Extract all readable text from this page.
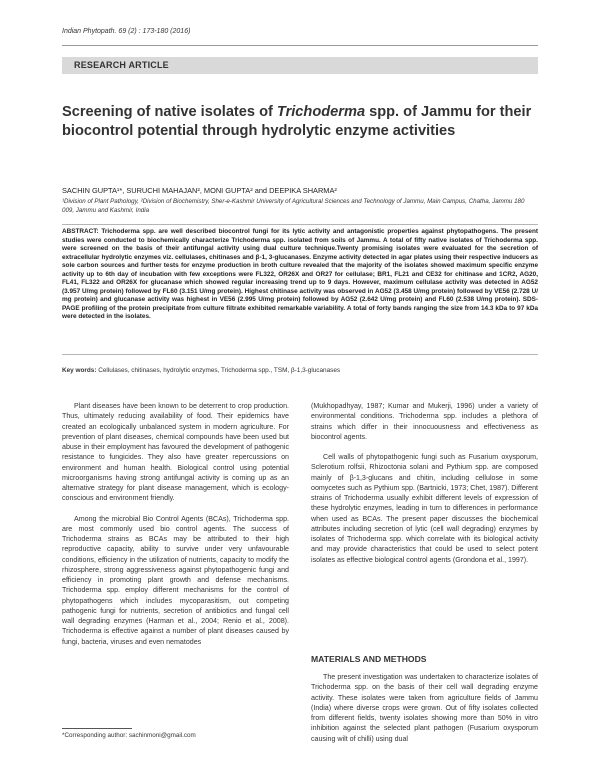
Indian Phytopath. 69 (2) : 173-180 (2016)
RESEARCH ARTICLE
Screening of native isolates of Trichoderma spp. of Jammu for their biocontrol potential through hydrolytic enzyme activities
SACHIN GUPTA¹*, SURUCHI MAHAJAN², MONI GUPTA² and DEEPIKA SHARMA²
¹Division of Plant Pathology, ²Division of Biochemistry, Sher-e-Kashmir University of Agricultural Sciences and Technology of Jammu, Main Campus, Chatha, Jammu 180 009, Jammu and Kashmir, India
ABSTRACT: Trichoderma spp. are well described biocontrol fungi for its lytic activity and antagonistic properties against phytopathogens. The present studies were conducted to biochemically characterize Trichoderma spp. isolated from soils of Jammu. A total of fifty native isolates of Trichoderma spp. were screened on the basis of their antifungal activity using dual culture technique.Twenty promising isolates were evaluated for the secretion of extracellular hydrolytic enzymes viz. cellulases, chitinases and β-1, 3-glucanases. Enzyme activity detected in agar plates using their respective inducers as sole carbon sources and further tests for enzyme production in broth culture revealed that the majority of the isolates showed maximum specific enzyme activity up to 6th day of incubation with few exceptions were FL322, OR26X and OR27 for cellulase; BR1, FL21 and CE32 for chitinase and 1CR2, AG20, FL41, FL322 and OR26X for glucanase which showed regular increasing trend up to 9 days. However, maximum cellulase activity was detected in AG52 (3.957 U/mg protein) followed by FL60 (3.151 U/mg protein). Highest chitinase activity was observed in AG52 (3.458 U/mg protein) followed by VE56 (2.728 U/ mg protein) and glucanase activity was highest in VE56 (2.995 U/mg protein) followed by AG52 (2.642 U/mg protein) and FL60 (2.538 U/mg protein). SDS-PAGE profiling of the protein precipitate from culture filtrate exhibited remarkable variability. A total of forty bands ranging the size from 14.3 kDa to 97 kDa were detected in the isolates.
Key words: Cellulases, chitinases, hydrolytic enzymes, Trichoderma spp., TSM, β-1,3-glucanases

Plant diseases have been known to be deterrent to crop production. Thus, ultimately reducing availability of food. Their epidemics have created an ecologically unbalanced system in modern agriculture. For prevention of plant diseases, chemical compounds have been used but abuse in their employment has favoured the development of pathogenic resistance to fungicides. They also have greater repercussions on environment and human health. Biological control using potential microorganisms having strong antifungal activity is coming up as an alternative strategy for plant disease management, which is ecology-conscious and environment friendly.

Among the microbial Bio Control Agents (BCAs), Trichoderma spp. are most commonly used bio control agents. The success of Trichoderma strains as BCAs may be attributed to their high reproductive capacity, ability to survive under very unfavourable conditions, efficiency in the utilization of nutrients, capacity to modify the rhizosphere, strong aggressiveness against phytopathogenic fungi and efficiency in promoting plant growth and defense mechanisms. Trichoderma spp. employ different mechanisms for the control of phytopathogens which includes mycoparasitism, out competing pathogenic fungi for nutrients, secretion of antibiotics and fungal cell wall degrading enzymes (Harman et al., 2004; Renio et al., 2008). Trichoderma is effective against a number of plant diseases caused by fungi, bacteria, viruses and even nematodes

(Mukhopadhyay, 1987; Kumar and Mukerji, 1996) under a variety of environmental conditions. Trichoderma spp. includes a plethora of strains which differ in their innocuousness and effectiveness as biocontrol agents.

Cell walls of phytopathogenic fungi such as Fusarium oxysporum, Sclerotium rolfsii, Rhizoctonia solani and Pythium spp. are composed mainly of β-1,3-glucans and chitin, including cellulose in some oomycetes such as Pythium spp. (Bartnicki, 1973; Chet, 1987). Different strains of Trichoderma usually exhibit different levels of expression of these hydrolytic enzymes, leading in turn to differences in performance when used as BCAs. The present paper discusses the biochemical attributes including secretion of lytic (cell wall degrading) enzymes by isolates of Trichoderma spp. which correlate with its biological activity and may provide characteristics that could be used to select potent isolates as effective biological control agents (Grondona et al., 1997).

MATERIALS AND METHODS

The present investigation was undertaken to characterize isolates of Trichoderma spp. on the basis of their cell wall degrading enzyme activity. These isolates were taken from agriculture fields of Jammu (India) where diverse crops were grown. Out of fifty isolates collected from different fields, twenty isolates showing more than 50% in vitro inhibition against the selected plant pathogen (Fusarium oxysporum causing wilt of chilli) using dual

*Corresponding author: sachinmoni@gmail.com
